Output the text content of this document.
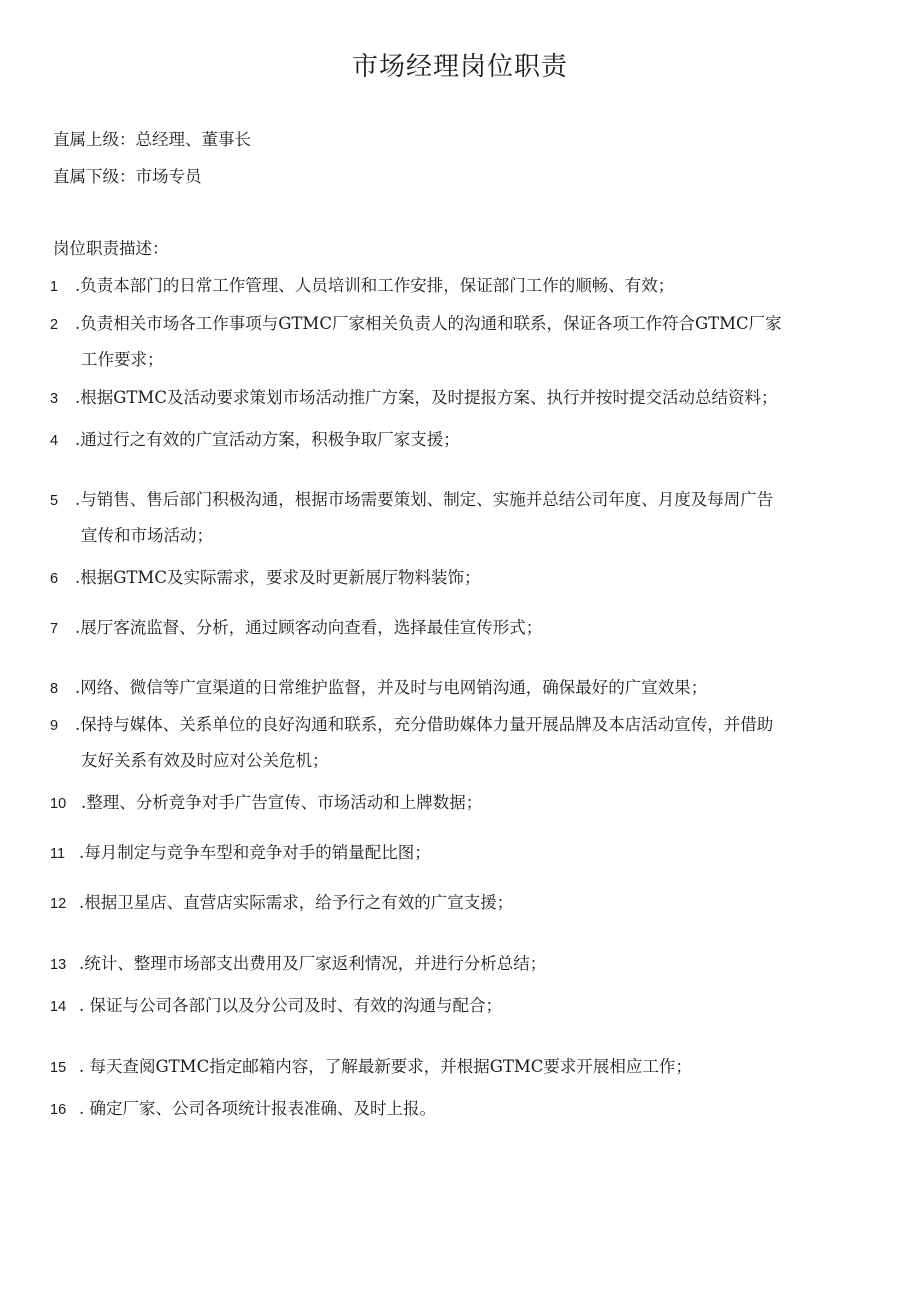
市场经理岗位职责
直属上级：总经理、董事长
直属下级：市场专员
岗位职责描述：
1 .负责本部门的日常工作管理、人员培训和工作安排，保证部门工作的顺畅、有效；
2 .负责相关市场各工作事项与GTMC厂家相关负责人的沟通和联系，保证各项工作符合GTMC厂家
工作要求；
3 .根据GTMC及活动要求策划市场活动推广方案，及时提报方案、执行并按时提交活动总结资料；
4 .通过行之有效的广宣活动方案，积极争取厂家支援；
5 .与销售、售后部门积极沟通，根据市场需要策划、制定、实施并总结公司年度、月度及每周广告
宣传和市场活动；
6 .根据GTMC及实际需求，要求及时更新展厅物料装饰；
7 .展厅客流监督、分析，通过顾客动向查看，选择最佳宣传形式；
8 .网络、微信等广宣渠道的日常维护监督，并及时与电网销沟通，确保最好的广宣效果；
9 .保持与媒体、关系单位的良好沟通和联系，充分借助媒体力量开展品牌及本店活动宣传，并借助
友好关系有效及时应对公关危机；
10 .整理、分析竞争对手广告宣传、市场活动和上牌数据；
11 .每月制定与竞争车型和竞争对手的销量配比图；
12 .根据卫星店、直营店实际需求，给予行之有效的广宣支援；
13 .统计、整理市场部支出费用及厂家返利情况，并进行分析总结；
14 . 保证与公司各部门以及分公司及时、有效的沟通与配合；
15 . 每天查阅GTMC指定邮箱内容，了解最新要求，并根据GTMC要求开展相应工作；
16 . 确定厂家、公司各项统计报表准确、及时上报。
